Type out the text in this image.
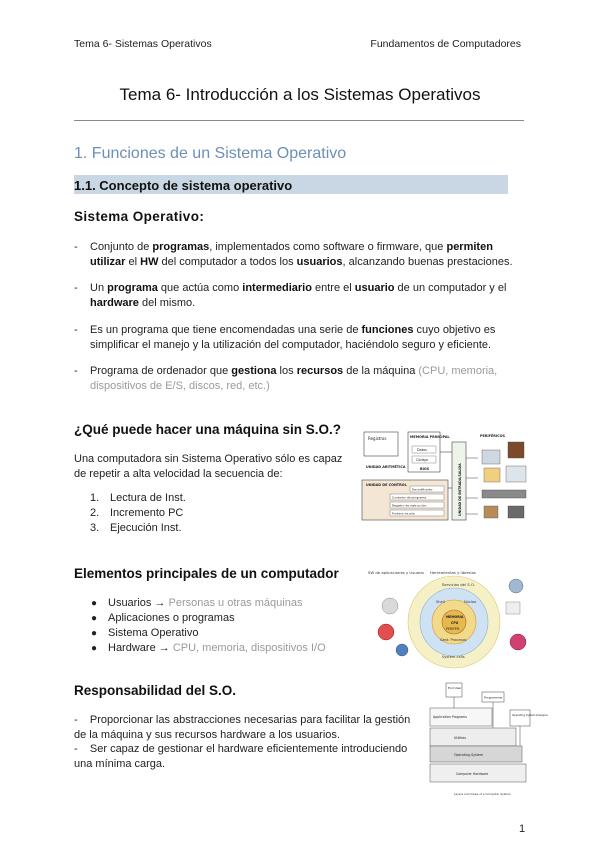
Tema 6- Sistemas Operativos	Fundamentos de Computadores
Tema 6- Introducción a los Sistemas Operativos
1. Funciones de un Sistema Operativo
1.1. Concepto de sistema operativo
Sistema Operativo:
-	Conjunto de programas, implementados como software o firmware, que permiten
utilizar el HW del computador a todos los usuarios, alcanzando buenas prestaciones.
-	Un programa que actúa como intermediario entre el usuario de un computador y el
hardware del mismo.
-	Es un programa que tiene encomendadas una serie de funciones cuyo objetivo es simplificar el manejo y la utilización del computador, haciéndolo seguro y eficiente.
-	Programa de ordenador que gestiona los recursos de la máquina (CPU, memoria, dispositivos de E/S, discos, red, etc.)
¿Qué puede hacer una máquina sin S.O.?
Una computadora sin Sistema Operativo sólo es capaz
de repetir a alta velocidad la secuencia de:
1. Lectura de Inst.
2. Incremento PC
3. Ejecución Inst.
Registros
UNIDAD ARITMÉTICA
MEMORIA PRINCIPAL
Datos
Código
BIOS
UNIDAD DE CONTROL
Decodificador
Contador de programa
Registro de instrucción
Puntero de pila	UNIDAD DE ENTRADA/SALIDA
PERIFÉRICOS
Elementos principales de un computador
● Usuarios → Personas u otras máquinas
● Aplicaciones o programas
● Sistema Operativo
● Hardware → CPU, memoria, dispositivos I/O
SW de aplicaciones y Usuario Herramientas y librerías
Servicios del S.O.
Shell	Núcleo
MEMORIA
CPU
PERIFÉR.
Gest. Procesos
System calls
Responsabilidad del S.O.
-    Proporcionar las abstracciones necesarias para facilitar la gestión de la máquina y sus recursos hardware a los usuarios.
-    Ser capaz de gestionar el hardware eficientemente introduciendo una mínima carga.
End User
Programmer
Operating System Designer
Application Programs
Utilities
Operating-System
Computer Hardware
Layers and Views of a Computer System
1
